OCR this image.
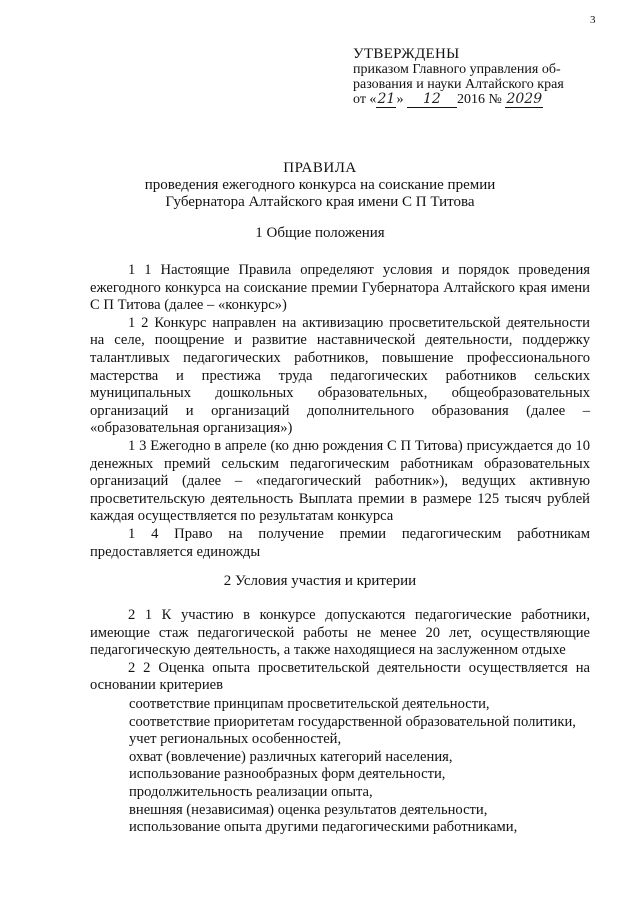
3
УТВЕРЖДЕНЫ
приказом Главного управления об-
разования и науки Алтайского края
от « 21 »
	12	2016 №
2029
ПРАВИЛА
проведения ежегодного конкурса на соискание премии
Губернатора Алтайского края имени С П Титова
1 Общие положения

1 1 Настоящие Правила определяют условия и порядок проведения ежегодного конкурса на соискание премии Губернатора Алтайского края имени С П Титова (далее – «конкурс»)

1 2 Конкурс направлен на активизацию просветительской деятельности на селе, поощрение и развитие наставнической деятельности, поддержку талантливых педагогических работников, повышение профессионального мастерства и престижа труда педагогических работников сельских муниципальных дошкольных образовательных, общеобразовательных организаций и организаций дополнительного образования (далее – «образовательная организация»)

1 3 Ежегодно в апреле (ко дню рождения С П Титова) присуждается до 10 денежных премий сельским педагогическим работникам образовательных организаций (далее – «педагогический работник»), ведущих активную просветительскую деятельность Выплата премии в размере 125 тысяч рублей каждая осуществляется по результатам конкурса

1 4 Право на получение премии педагогическим работникам предоставляется единожды

2 Условия участия и критерии

2 1 К участию в конкурсе допускаются педагогические работники, имеющие стаж педагогической работы не менее 20 лет, осуществляющие педагогическую деятельность, а также находящиеся на заслуженном отдыхе

2 2 Оценка опыта просветительской деятельности осуществляется на основании критериев

соответствие принципам просветительской деятельности,
соответствие приоритетам государственной образовательной политики,
учет региональных особенностей,
охват (вовлечение) различных категорий населения,
использование разнообразных форм деятельности,
продолжительность реализации опыта,
внешняя (независимая) оценка результатов деятельности,
использование опыта другими педагогическими работниками,
